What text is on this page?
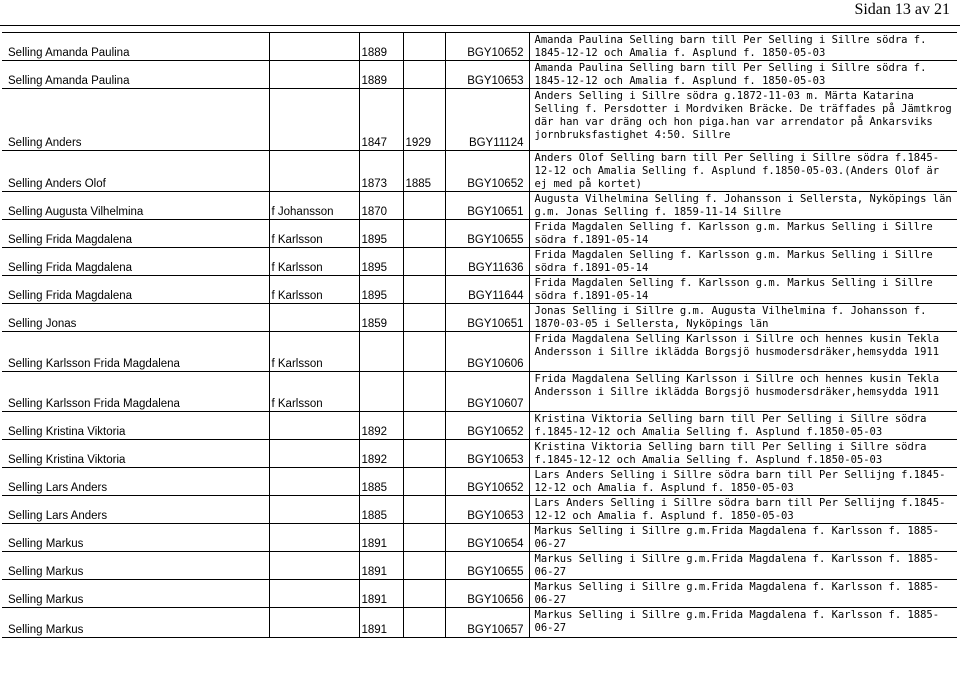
Sidan 13 av 21
Selling Amanda Paulina		1889		BGY10652	Amanda Paulina Selling barn till Per Selling i Sillre södra f. 1845-12-12 och Amalia f. Asplund f. 1850-05-03
Selling Amanda Paulina		1889		BGY10653	Amanda Paulina Selling barn till Per Selling i Sillre södra f. 1845-12-12 och Amalia f. Asplund f. 1850-05-03
Selling Anders		1847	1929	BGY11124	Anders Selling i Sillre södra g.1872-11-03 m. Märta Katarina Selling f. Persdotter i Mordviken Bräcke. De träffades på Jämtkrog där han var dräng och hon piga.han var arrendator på Ankarsviks jornbruksfastighet 4:50. Sillre
Selling Anders Olof		1873	1885	BGY10652	Anders Olof Selling barn till Per Selling i Sillre södra f.1845-12-12 och Amalia Selling f. Asplund f.1850-05-03.(Anders Olof är ej med på kortet)
Selling Augusta Vilhelmina	f Johansson	1870		BGY10651	Augusta Vilhelmina Selling f. Johansson i Sellersta, Nyköpings län g.m. Jonas Selling f. 1859-11-14 Sillre
Selling Frida Magdalena	f Karlsson	1895		BGY10655	Frida Magdalen Selling f. Karlsson g.m. Markus Selling i Sillre södra f.1891-05-14
Selling Frida Magdalena	f Karlsson	1895		BGY11636	Frida Magdalen Selling f. Karlsson g.m. Markus Selling i Sillre södra f.1891-05-14
Selling Frida Magdalena	f Karlsson	1895		BGY11644	Frida Magdalen Selling f. Karlsson g.m. Markus Selling i Sillre södra f.1891-05-14
Selling Jonas		1859		BGY10651	Jonas Selling i Sillre g.m. Augusta Vilhelmina f. Johansson f. 1870-03-05 i Sellersta, Nyköpings län
Selling Karlsson Frida Magdalena	f Karlsson			BGY10606	Frida Magdalena Selling Karlsson i Sillre och hennes kusin Tekla Andersson i Sillre iklädda Borgsjö husmodersdräker,hemsydda 1911
Selling Karlsson Frida Magdalena	f Karlsson			BGY10607	Frida Magdalena Selling Karlsson i Sillre och hennes kusin Tekla Andersson i Sillre iklädda Borgsjö husmodersdräker,hemsydda 1911
Selling Kristina Viktoria		1892		BGY10652	Kristina Viktoria Selling barn till Per Selling i Sillre södra f.1845-12-12 och Amalia Selling f. Asplund f.1850-05-03
Selling Kristina Viktoria		1892		BGY10653	Kristina Viktoria Selling barn till Per Selling i Sillre södra f.1845-12-12 och Amalia Selling f. Asplund f.1850-05-03
Selling Lars Anders		1885		BGY10652	Lars Anders Selling i Sillre södra barn till Per Sellijng f.1845-12-12 och Amalia f. Asplund f. 1850-05-03
Selling Lars Anders		1885		BGY10653	Lars Anders Selling i Sillre södra barn till Per Sellijng f.1845-12-12 och Amalia f. Asplund f. 1850-05-03
Selling Markus		1891		BGY10654	Markus Selling i Sillre g.m.Frida Magdalena f. Karlsson f. 1885-06-27
Selling Markus		1891		BGY10655	Markus Selling i Sillre g.m.Frida Magdalena f. Karlsson f. 1885-06-27
Selling Markus		1891		BGY10656	Markus Selling i Sillre g.m.Frida Magdalena f. Karlsson f. 1885-06-27
Selling Markus		1891		BGY10657	Markus Selling i Sillre g.m.Frida Magdalena f. Karlsson f. 1885-06-27
